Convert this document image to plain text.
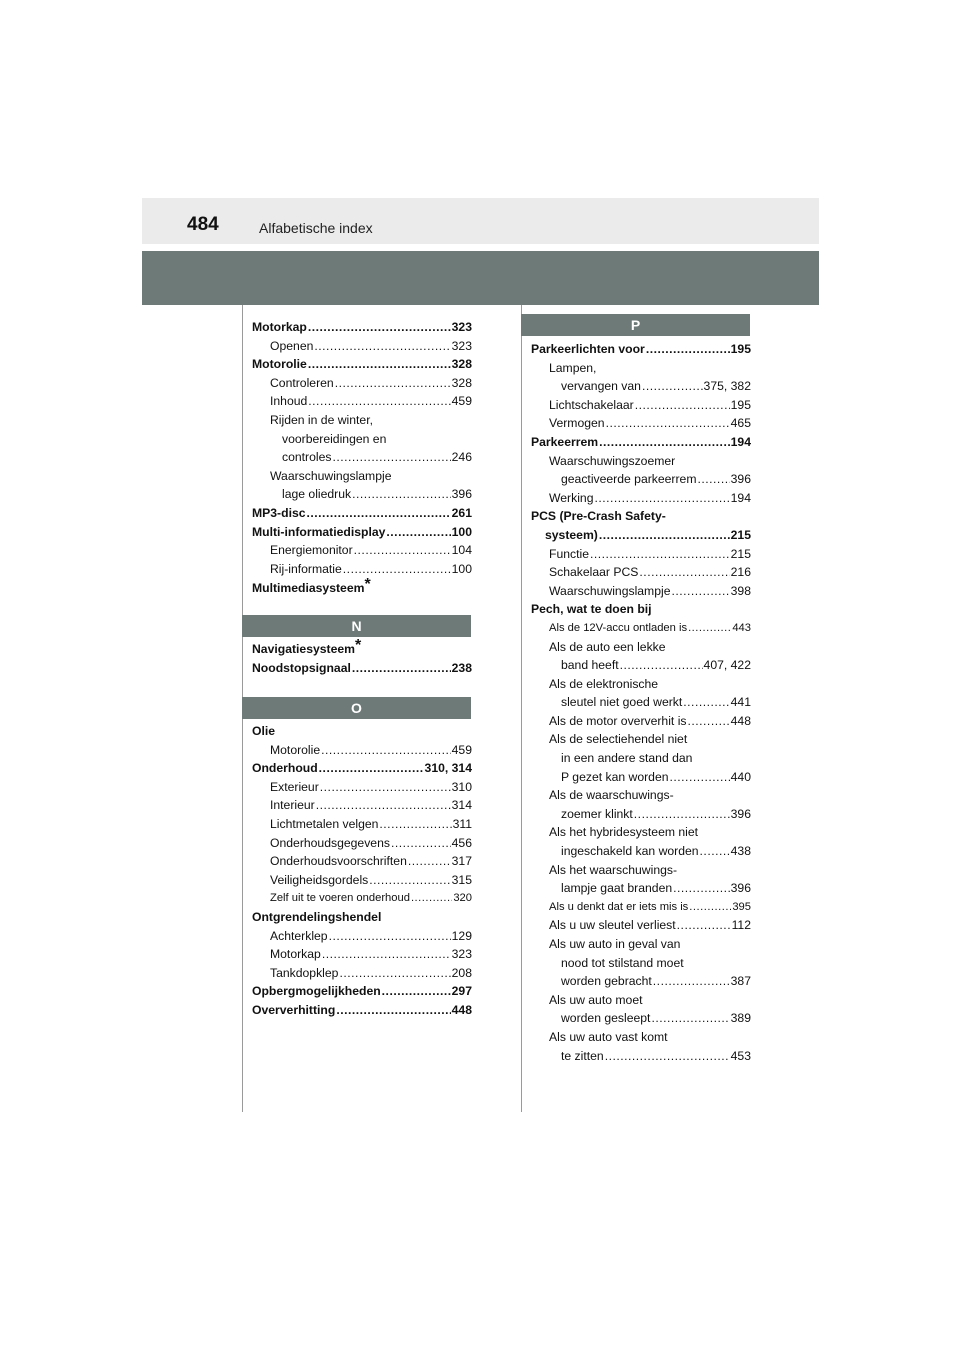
484	Alfabetische index
Motorkap .....	323
Openen .....	323
Motorolie .....	328
Controleren .....	328
Inhoud .....	459
Rijden in de winter,
voorbereidingen en
controles .....	246
Waarschuwingslampje
lage oliedruk .....	396
MP3-disc .....	261
Multi-informatiedisplay .....	100
Energiemonitor .....	104
Rij-informatie .....	100
Multimediasysteem*
N
Navigatiesysteem*
Noodstopsignaal .....	238
O
Olie
Motorolie .....	459
Onderhoud .....	310, 314
Exterieur .....	310
Interieur .....	314
Lichtmetalen velgen .....	311
Onderhoudsgegevens .....	456
Onderhoudsvoorschriften .....	317
Veiligheidsgordels .....	315
Zelf uit te voeren onderhoud .....	320
Ontgrendelingshendel
Achterklep .....	129
Motorkap .....	323
Tankdopklep .....	208
Opbergmogelijkheden .....	297
Oververhitting .....	448
P
Parkeerlichten voor .....	195
Lampen,
vervangen van .....	375, 382
Lichtschakelaar .....	195
Vermogen .....	465
Parkeerrem .....	194
Waarschuwingszoemer
geactiveerde parkeerrem .....	396
Werking .....	194
PCS (Pre-Crash Safety-
systeem) .....	215
Functie .....	215
Schakelaar PCS .....	216
Waarschuwingslampje .....	398
Pech, wat te doen bij
Als de 12V-accu ontladen is .....	443
Als de auto een lekke
band heeft .....	407, 422
Als de elektronische
sleutel niet goed werkt .....	441
Als de motor oververhit is .....	448
Als de selectiehendel niet
in een andere stand dan
P gezet kan worden .....	440
Als de waarschuwings-
zoemer klinkt .....	396
Als het hybridesysteem niet
ingeschakeld kan worden .....	438
Als het waarschuwings-
lampje gaat branden .....	396
Als u denkt dat er iets mis is .....	395
Als u uw sleutel verliest .....	112
Als uw auto in geval van
nood tot stilstand moet
worden gebracht .....	387
Als uw auto moet
worden gesleept .....	389
Als uw auto vast komt
te zitten .....	453
